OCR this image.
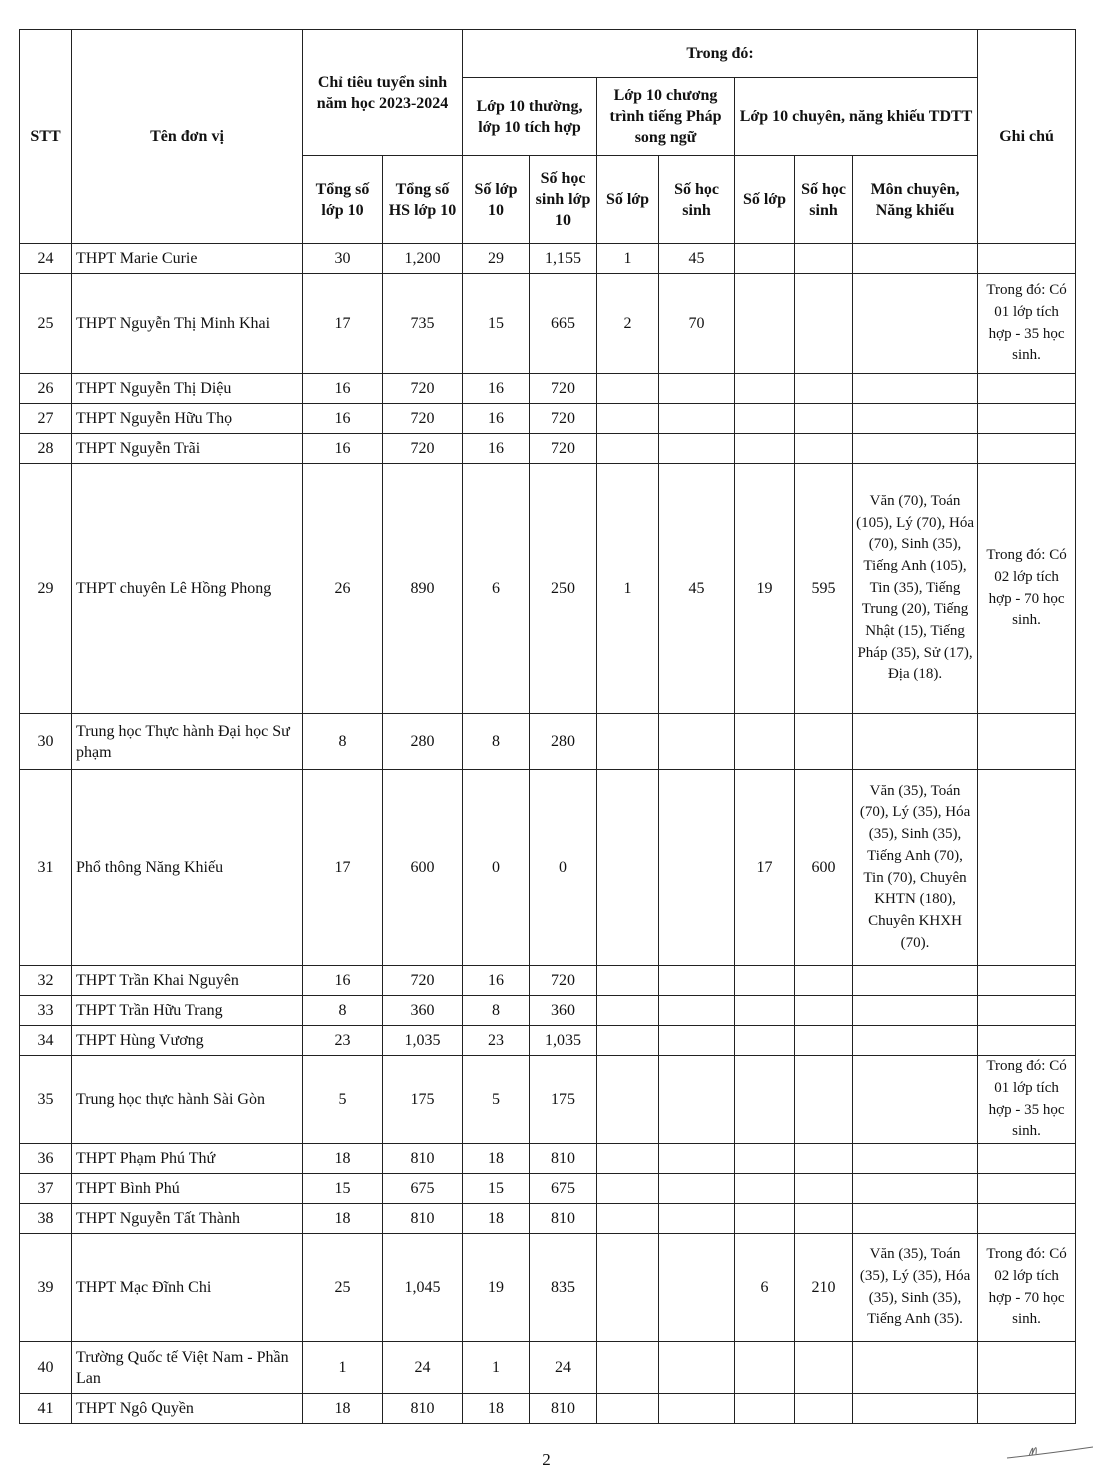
STT	Tên đơn vị	Chỉ tiêu tuyển sinh năm học 2023-2024		Trong đó:							Ghi chú
				Lớp 10 thường, lớp 10 tích hợp		Lớp 10 chương trình tiếng Pháp song ngữ		Lớp 10 chuyên, năng khiếu TDTT			
		Tổng số lớp 10	Tổng số HS lớp 10	Số lớp 10	Số học sinh lớp 10	Số lớp	Số học sinh	Số lớp	Số học sinh	Môn chuyên, Năng khiếu	
24	THPT Marie Curie	30	1,200	29	1,155	1	45				
25	THPT Nguyễn Thị Minh Khai	17	735	15	665	2	70				Trong đó: Có 01 lớp tích hợp - 35 học sinh.
26	THPT Nguyễn Thị Diệu	16	720	16	720						
27	THPT Nguyễn Hữu Thọ	16	720	16	720						
28	THPT Nguyễn Trãi	16	720	16	720						
29	THPT chuyên Lê Hồng Phong	26	890	6	250	1	45	19	595	Văn (70), Toán (105), Lý (70), Hóa (70), Sinh (35), Tiếng Anh (105), Tin (35), Tiếng Trung (20), Tiếng Nhật (15), Tiếng Pháp (35), Sử (17), Địa (18).	Trong đó: Có 02 lớp tích hợp - 70 học sinh.
30	Trung học Thực hành Đại học Sư phạm	8	280	8	280						
31	Phổ thông Năng Khiếu	17	600	0	0			17	600	Văn (35), Toán (70), Lý (35), Hóa (35), Sinh (35), Tiếng Anh (70), Tin (70), Chuyên KHTN (180), Chuyên KHXH (70).	
32	THPT Trần Khai Nguyên	16	720	16	720						
33	THPT Trần Hữu Trang	8	360	8	360						
34	THPT Hùng Vương	23	1,035	23	1,035						
35	Trung học thực hành Sài Gòn	5	175	5	175						Trong đó: Có 01 lớp tích hợp - 35 học sinh.
36	THPT Phạm Phú Thứ	18	810	18	810						
37	THPT Bình Phú	15	675	15	675						
38	THPT Nguyễn Tất Thành	18	810	18	810						
39	THPT Mạc Đĩnh Chi	25	1,045	19	835			6	210	Văn (35), Toán (35), Lý (35), Hóa (35), Sinh (35), Tiếng Anh (35).	Trong đó: Có 02 lớp tích hợp - 70 học sinh.
40	Trường Quốc tế Việt Nam - Phần Lan	1	24	1	24						
41	THPT Ngô Quyền	18	810	18	810						
2
